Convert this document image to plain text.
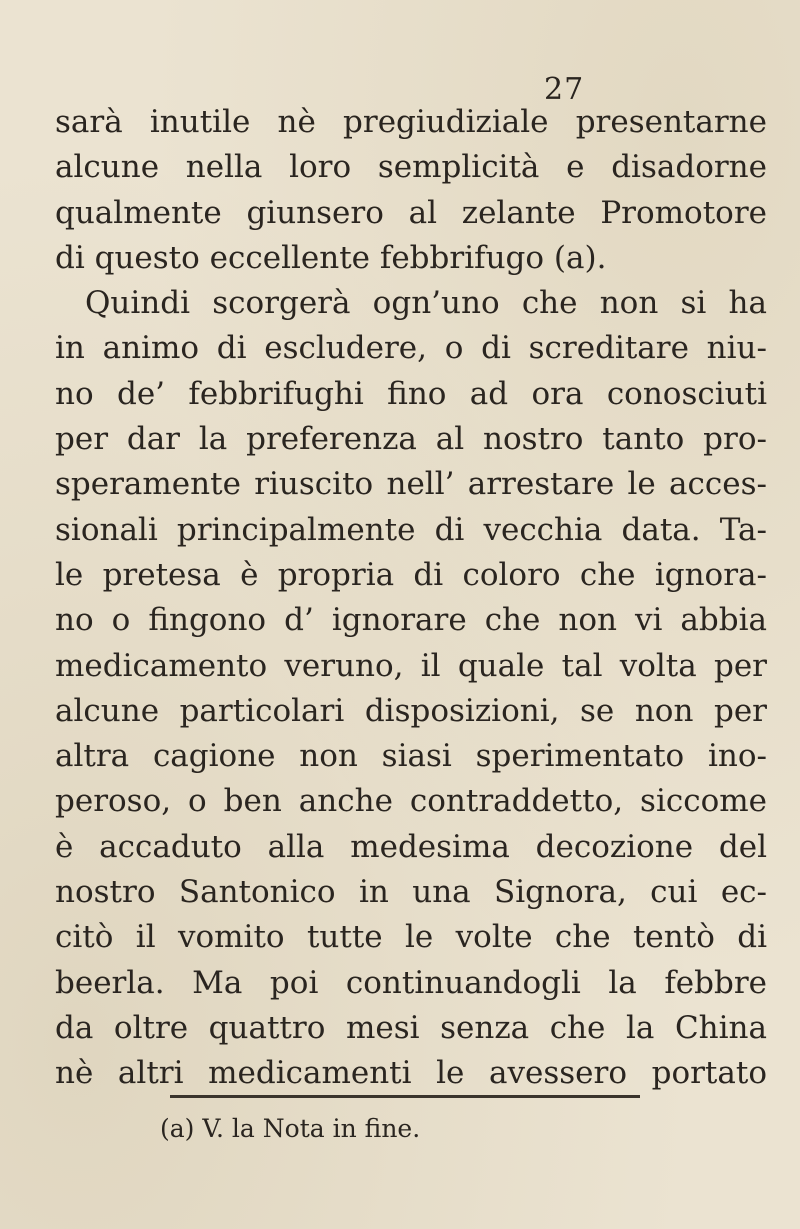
27
sarà inutile nè pregiudiziale presentarne
alcune nella loro semplicità e disadorne
qualmente giunsero al zelante Promotore
di questo eccellente febbrifugo (a).
Quindi scorgerà ogn’uno che non si ha
in animo di escludere, o di screditare niu-
no de’ febbrifughi fino ad ora conosciuti
per dar la preferenza al nostro tanto pro-
speramente riuscito nell’ arrestare le acces-
sionali principalmente di vecchia data. Ta-
le pretesa è propria di coloro che ignora-
no o fingono d’ ignorare che non vi abbia
medicamento veruno, il quale tal volta per
alcune particolari disposizioni, se non per
altra cagione non siasi sperimentato ino-
peroso, o ben anche contraddetto, siccome
è accaduto alla medesima decozione del
nostro Santonico in una Signora, cui ec-
citò il vomito tutte le volte che tentò di
beerla. Ma poi continuandogli la febbre
da oltre quattro mesi senza che la China
nè altri medicamenti le avessero portato
(a) V. la Nota in fine.
